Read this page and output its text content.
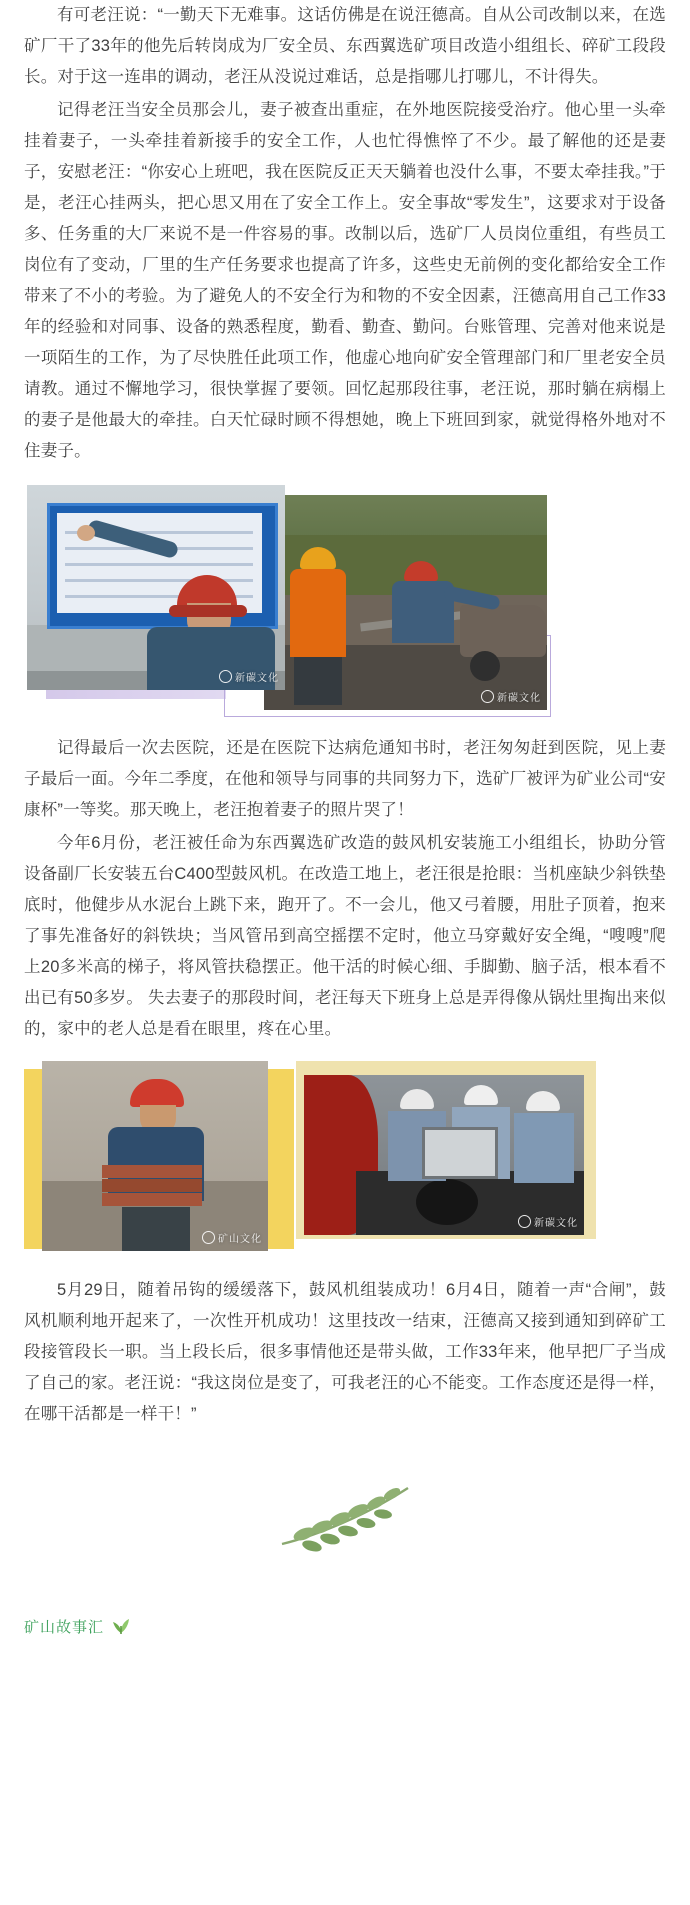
有可老汪说：“一勤天下无难事。这话仿佛是在说汪德高。自从公司改制以来，在选矿厂干了33年的他先后转岗成为厂安全员、东西翼选矿项目改造小组组长、碎矿工段段长。对于这一连串的调动，老汪从没说过难话，总是指哪儿打哪儿，不计得失。

记得老汪当安全员那会儿，妻子被查出重症，在外地医院接受治疗。他心里一头牵挂着妻子，一头牵挂着新接手的安全工作，人也忙得憔悴了不少。最了解他的还是妻子，安慰老汪：“你安心上班吧，我在医院反正天天躺着也没什么事，不要太牵挂我。”于是，老汪心挂两头，把心思又用在了安全工作上。安全事故“零发生”，这要求对于设备多、任务重的大厂来说不是一件容易的事。改制以后，选矿厂人员岗位重组，有些员工岗位有了变动，厂里的生产任务要求也提高了许多，这些史无前例的变化都给安全工作带来了不小的考验。为了避免人的不安全行为和物的不安全因素，汪德高用自己工作33年的经验和对同事、设备的熟悉程度，勤看、勤查、勤问。台账管理、完善对他来说是一项陌生的工作，为了尽快胜任此项工作，他虚心地向矿安全管理部门和厂里老安全员请教。通过不懈地学习，很快掌握了要领。回忆起那段往事，老汪说，那时躺在病榻上的妻子是他最大的牵挂。白天忙碌时顾不得想她，晚上下班回到家，就觉得格外地对不住妻子。

新碳文化
新碳文化

记得最后一次去医院，还是在医院下达病危通知书时，老汪匆匆赶到医院，见上妻子最后一面。今年二季度，在他和领导与同事的共同努力下，选矿厂被评为矿业公司“安康杯”一等奖。那天晚上，老汪抱着妻子的照片哭了！

今年6月份，老汪被任命为东西翼选矿改造的鼓风机安装施工小组组长，协助分管设备副厂长安装五台C400型鼓风机。在改造工地上，老汪很是抢眼：当机座缺少斜铁垫底时，他健步从水泥台上跳下来，跑开了。不一会儿，他又弓着腰，用肚子顶着，抱来了事先准备好的斜铁块；当风管吊到高空摇摆不定时，他立马穿戴好安全绳，“嗖嗖”爬上20多米高的梯子，将风管扶稳摆正。他干活的时候心细、手脚勤、脑子活，根本看不出已有50多岁。 失去妻子的那段时间，老汪每天下班身上总是弄得像从锅灶里掏出来似的，家中的老人总是看在眼里，疼在心里。

矿山文化
新碳文化

5月29日，随着吊钩的缓缓落下，鼓风机组装成功！6月4日，随着一声“合闸”，鼓风机顺利地开起来了，一次性开机成功！这里技改一结束，汪德高又接到通知到碎矿工段接管段长一职。当上段长后，很多事情他还是带头做，工作33年来，他早把厂子当成了自己的家。老汪说：“我这岗位是变了，可我老汪的心不能变。工作态度还是得一样，在哪干活都是一样干！”

矿山故事汇
